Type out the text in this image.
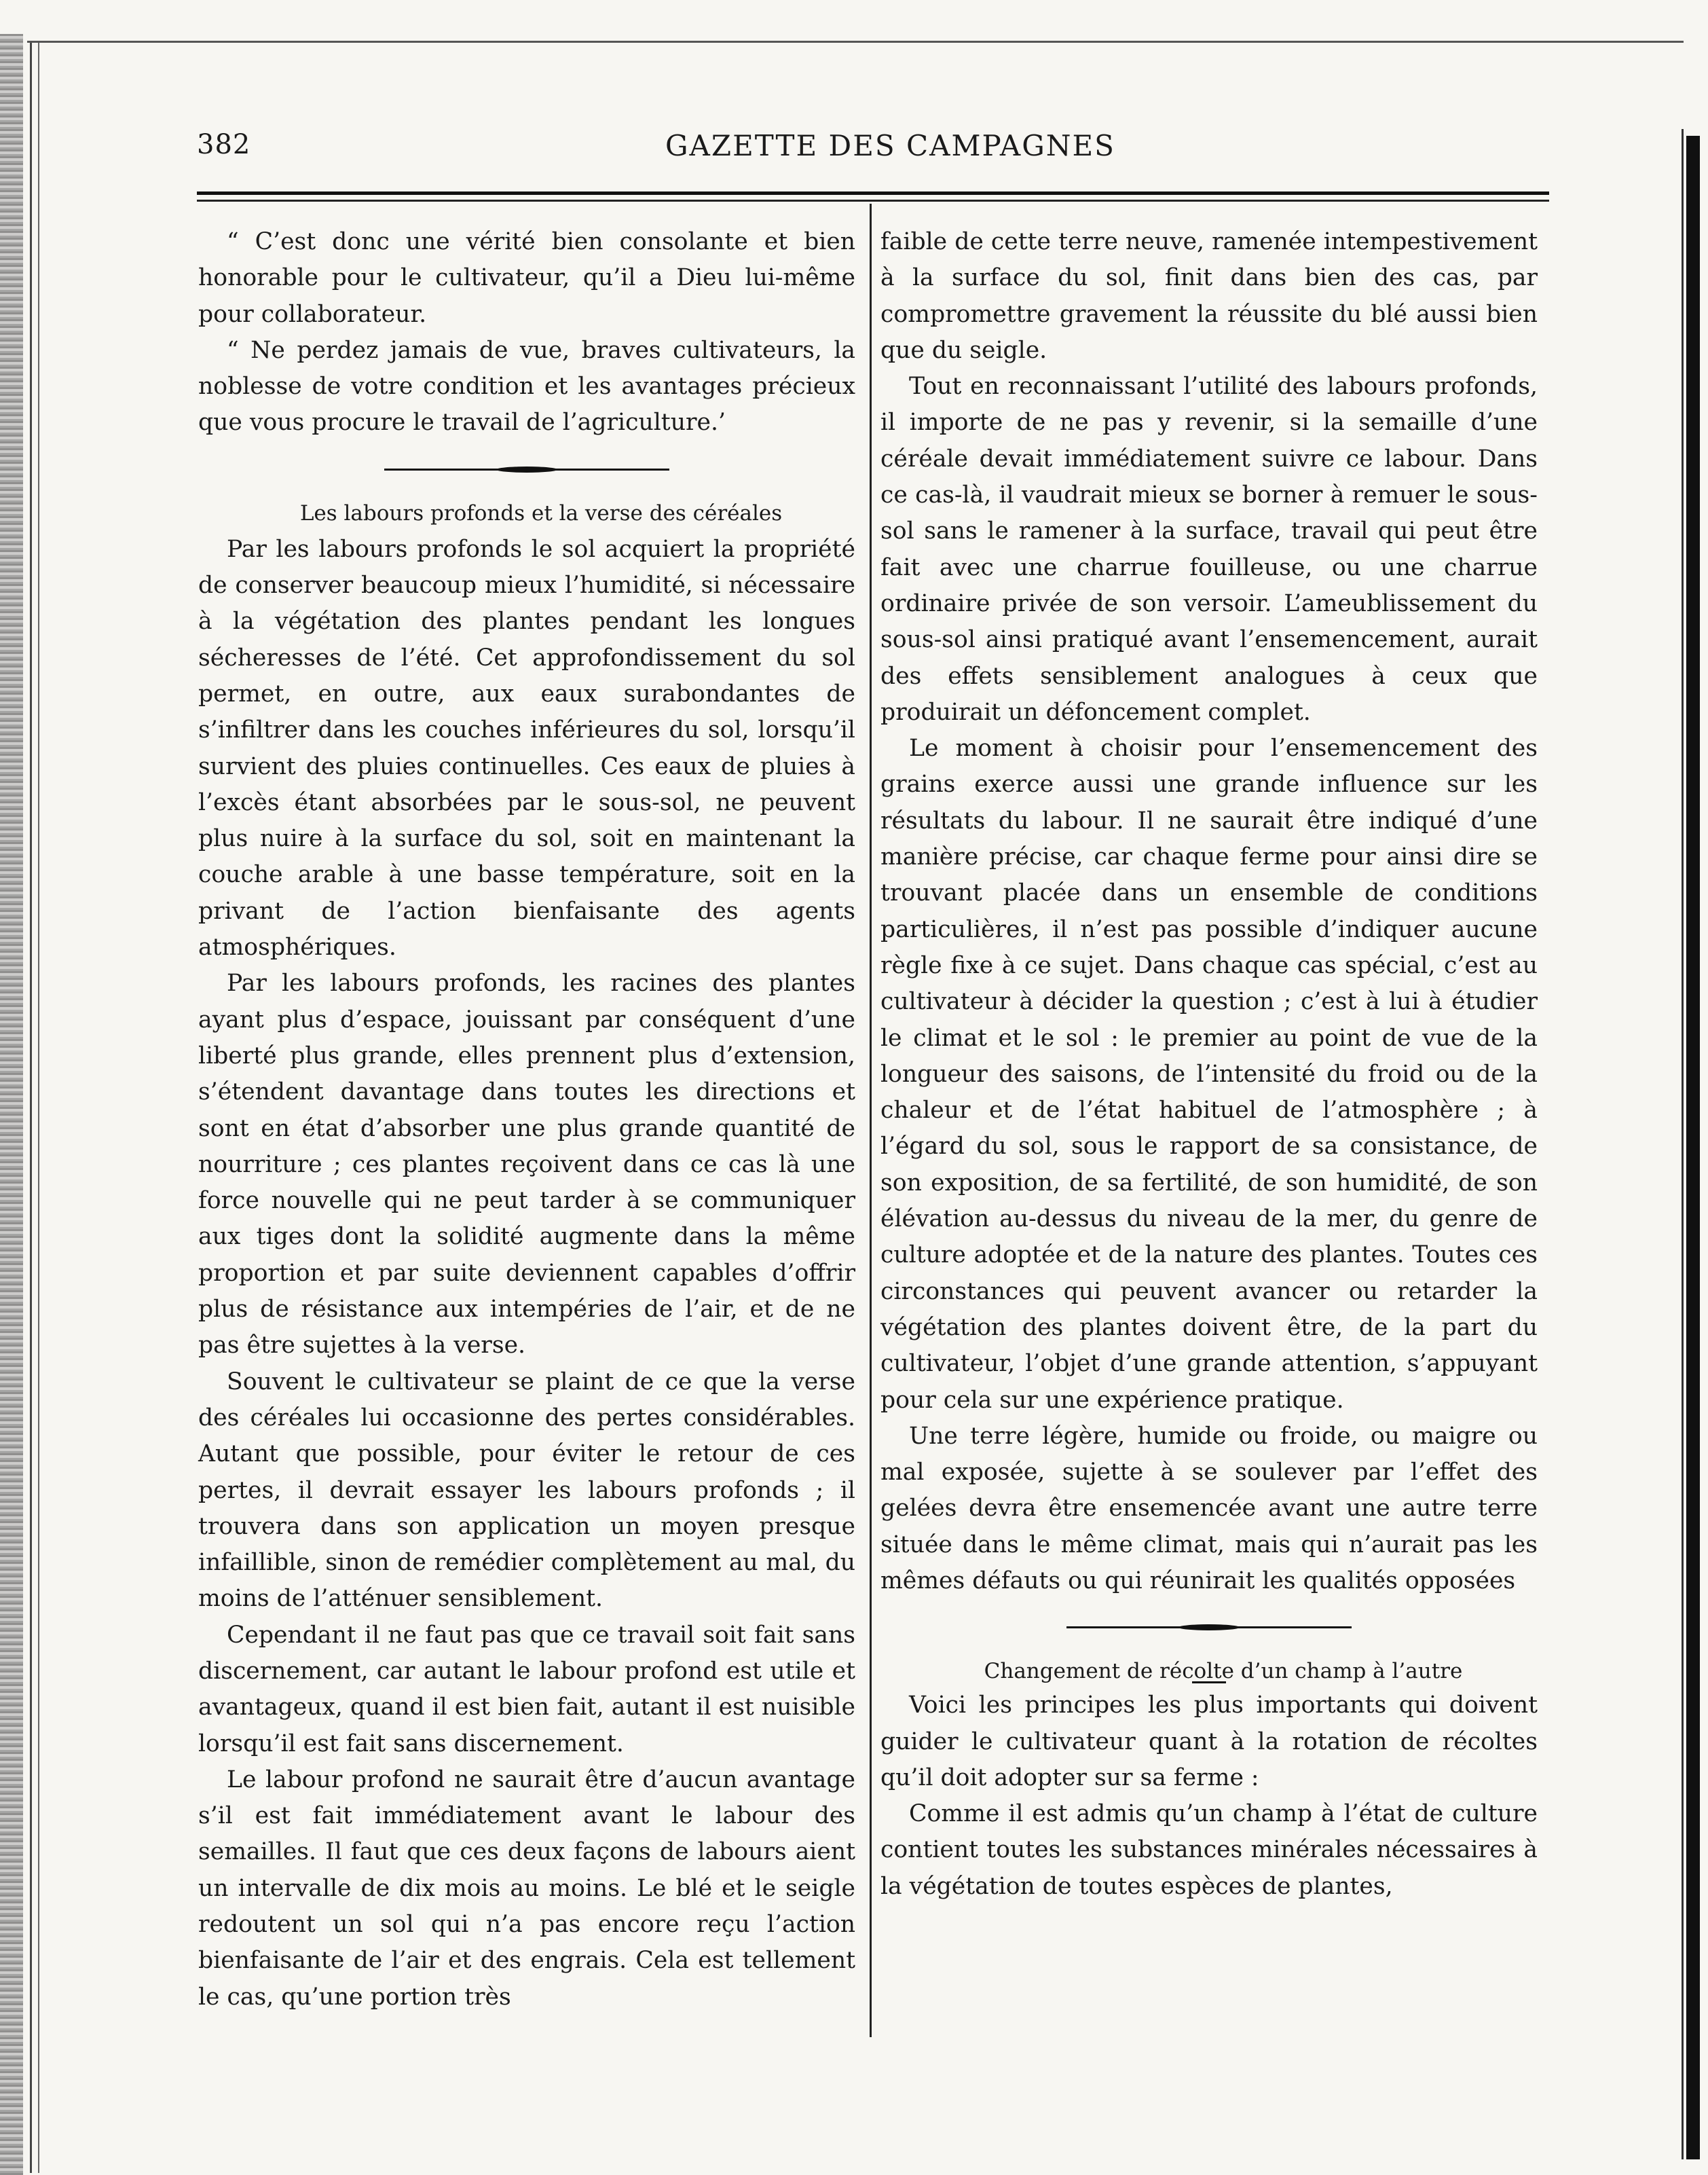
382	GAZETTE DES CAMPAGNES

“ C’est donc une vérité bien consolante et bien honorable pour le cultivateur, qu’il a Dieu lui-même pour collaborateur.

“ Ne perdez jamais de vue, braves cultivateurs, la noblesse de votre condition et les avantages précieux que vous procure le travail de l’agriculture.’

Les labours profonds et la verse des céréales

Par les labours profonds le sol acquiert la propriété de conserver beaucoup mieux l’humidité, si nécessaire à la végétation des plantes pendant les longues sécheresses de l’été. Cet approfondissement du sol permet, en outre, aux eaux surabondantes de s’infiltrer dans les couches inférieures du sol, lorsqu’il survient des pluies continuelles. Ces eaux de pluies à l’excès étant absorbées par le sous-sol, ne peuvent plus nuire à la surface du sol, soit en maintenant la couche arable à une basse température, soit en la privant de l’action bienfaisante des agents atmosphériques.

Par les labours profonds, les racines des plantes ayant plus d’espace, jouissant par conséquent d’une liberté plus grande, elles prennent plus d’extension, s’étendent davantage dans toutes les directions et sont en état d’absorber une plus grande quantité de nourriture ; ces plantes reçoivent dans ce cas là une force nouvelle qui ne peut tarder à se communiquer aux tiges dont la solidité augmente dans la même proportion et par suite deviennent capables d’offrir plus de résistance aux intempéries de l’air, et de ne pas être sujettes à la verse.

Souvent le cultivateur se plaint de ce que la verse des céréales lui occasionne des pertes considérables. Autant que possible, pour éviter le retour de ces pertes, il devrait essayer les labours profonds ; il trouvera dans son application un moyen presque infaillible, sinon de remédier complètement au mal, du moins de l’atténuer sensiblement.

Cependant il ne faut pas que ce travail soit fait sans discernement, car autant le labour profond est utile et avantageux, quand il est bien fait, autant il est nuisible lorsqu’il est fait sans discernement.

Le labour profond ne saurait être d’aucun avantage s’il est fait immédiatement avant le labour des semailles. Il faut que ces deux façons de labours aient un intervalle de dix mois au moins. Le blé et le seigle redoutent un sol qui n’a pas encore reçu l’action bienfaisante de l’air et des engrais. Cela est tellement le cas, qu’une portion très

faible de cette terre neuve, ramenée intempestivement à la surface du sol, finit dans bien des cas, par compromettre gravement la réussite du blé aussi bien que du seigle.

Tout en reconnaissant l’utilité des labours profonds, il importe de ne pas y revenir, si la semaille d’une céréale devait immédiatement suivre ce labour. Dans ce cas-là, il vaudrait mieux se borner à remuer le sous-sol sans le ramener à la surface, travail qui peut être fait avec une charrue fouilleuse, ou une charrue ordinaire privée de son versoir. L’ameublissement du sous-sol ainsi pratiqué avant l’ensemencement, aurait des effets sensiblement analogues à ceux que produirait un défoncement complet.

Le moment à choisir pour l’ensemencement des grains exerce aussi une grande influence sur les résultats du labour. Il ne saurait être indiqué d’une manière précise, car chaque ferme pour ainsi dire se trouvant placée dans un ensemble de conditions particulières, il n’est pas possible d’indiquer aucune règle fixe à ce sujet. Dans chaque cas spécial, c’est au cultivateur à décider la question ; c’est à lui à étudier le climat et le sol : le premier au point de vue de la longueur des saisons, de l’intensité du froid ou de la chaleur et de l’état habituel de l’atmosphère ; à l’égard du sol, sous le rapport de sa consistance, de son exposition, de sa fertilité, de son humidité, de son élévation au-dessus du niveau de la mer, du genre de culture adoptée et de la nature des plantes. Toutes ces circonstances qui peuvent avancer ou retarder la végétation des plantes doivent être, de la part du cultivateur, l’objet d’une grande attention, s’appuyant pour cela sur une expérience pratique.

Une terre légère, humide ou froide, ou maigre ou mal exposée, sujette à se soulever par l’effet des gelées devra être ensemencée avant une autre terre située dans le même climat, mais qui n’aurait pas les mêmes défauts ou qui réunirait les qualités opposées

Changement de récolte d’un champ à l’autre

Voici les principes les plus importants qui doivent guider le cultivateur quant à la rotation de récoltes qu’il doit adopter sur sa ferme :

Comme il est admis qu’un champ à l’état de culture contient toutes les substances minérales nécessaires à la végétation de toutes espèces de plantes,
